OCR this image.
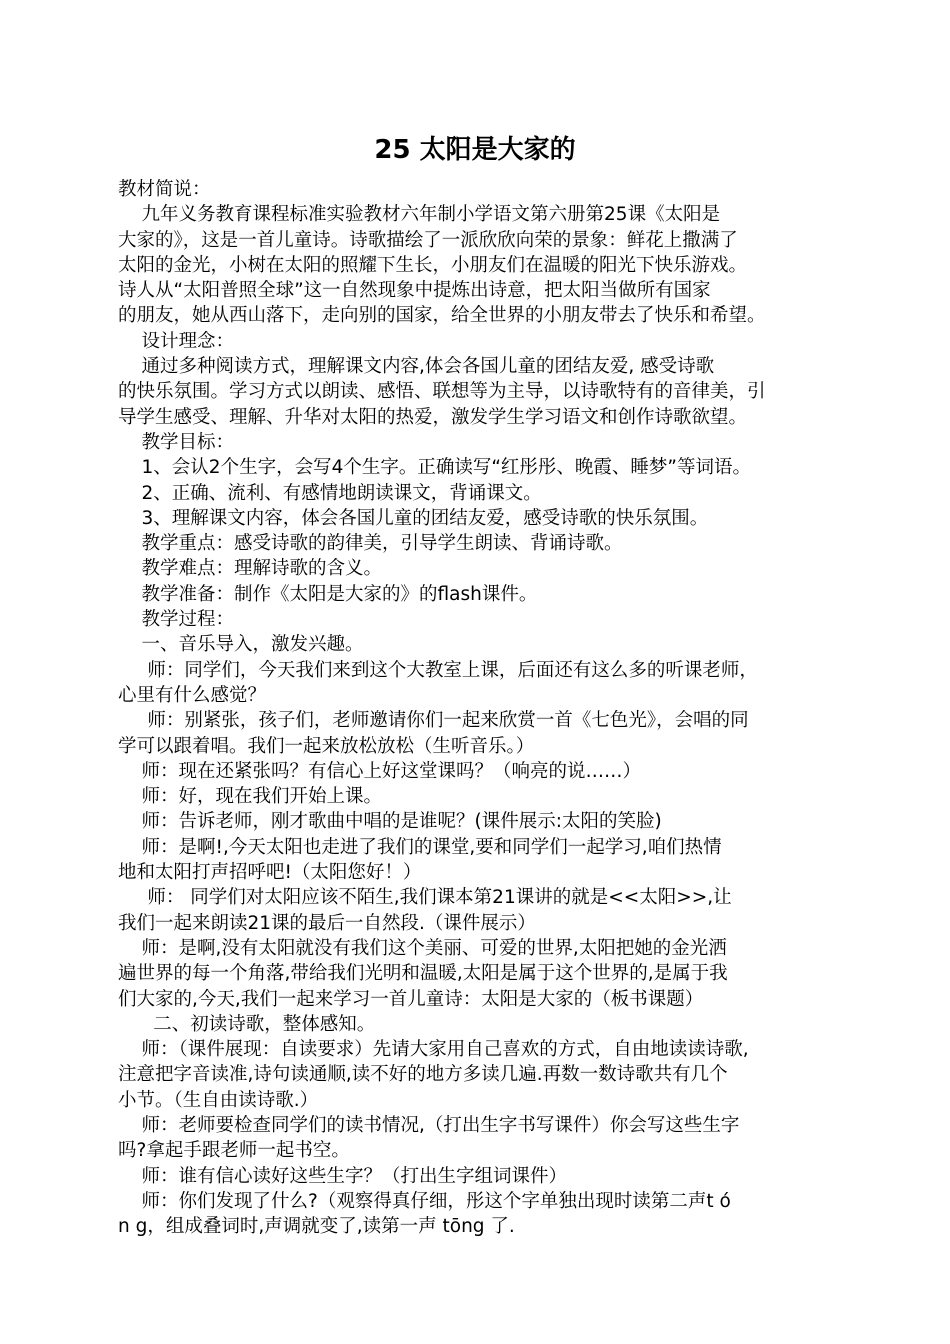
25 太阳是大家的

教材简说：

九年义务教育课程标准实验教材六年制小学语文第六册第25课《太阳是

大家的》，这是一首儿童诗。诗歌描绘了一派欣欣向荣的景象：鲜花上撒满了

太阳的金光，小树在太阳的照耀下生长，小朋友们在温暖的阳光下快乐游戏。

诗人从“太阳普照全球”这一自然现象中提炼出诗意，把太阳当做所有国家

的朋友，她从西山落下，走向别的国家，给全世界的小朋友带去了快乐和希望。

设计理念：

通过多种阅读方式，理解课文内容,体会各国儿童的团结友爱, 感受诗歌

的快乐氛围。学习方式以朗读、感悟、联想等为主导，以诗歌特有的音律美，引

导学生感受、理解、升华对太阳的热爱，激发学生学习语文和创作诗歌欲望。

教学目标：

1、会认2个生字，会写4个生字。正确读写“红彤彤、晚霞、睡梦”等词语。

2、正确、流利、有感情地朗读课文，背诵课文。

3、理解课文内容，体会各国儿童的团结友爱，感受诗歌的快乐氛围。

教学重点：感受诗歌的韵律美，引导学生朗读、背诵诗歌。

教学难点：理解诗歌的含义。

教学准备：制作《太阳是大家的》的flash课件。

教学过程：

一、音乐导入，激发兴趣。

师：同学们，今天我们来到这个大教室上课，后面还有这么多的听课老师，

心里有什么感觉？

师：别紧张，孩子们，老师邀请你们一起来欣赏一首《七色光》，会唱的同

学可以跟着唱。我们一起来放松放松（生听音乐。）

师：现在还紧张吗？有信心上好这堂课吗？（响亮的说……）

师：好，现在我们开始上课。

师：告诉老师，刚才歌曲中唱的是谁呢？(课件展示:太阳的笑脸)

师：是啊!,今天太阳也走进了我们的课堂,要和同学们一起学习,咱们热情

地和太阳打声招呼吧!（太阳您好！）

师： 同学们对太阳应该不陌生,我们课本第21课讲的就是<<太阳>>,让

我们一起来朗读21课的最后一自然段.（课件展示）

师：是啊,没有太阳就没有我们这个美丽、可爱的世界,太阳把她的金光洒

遍世界的每一个角落,带给我们光明和温暖,太阳是属于这个世界的,是属于我

们大家的,今天,我们一起来学习一首儿童诗：太阳是大家的（板书课题）

二、初读诗歌，整体感知。

师：（课件展现：自读要求）先请大家用自己喜欢的方式，自由地读读诗歌,

注意把字音读准,诗句读通顺,读不好的地方多读几遍.再数一数诗歌共有几个

小节。（生自由读诗歌.）

师：老师要检查同学们的读书情况,（打出生字书写课件）你会写这些生字

吗?拿起手跟老师一起书空。

师：谁有信心读好这些生字？（打出生字组词课件）

师：你们发现了什么?（观察得真仔细，彤这个字单独出现时读第二声t ó

n g，组成叠词时,声调就变了,读第一声 tōng 了.
